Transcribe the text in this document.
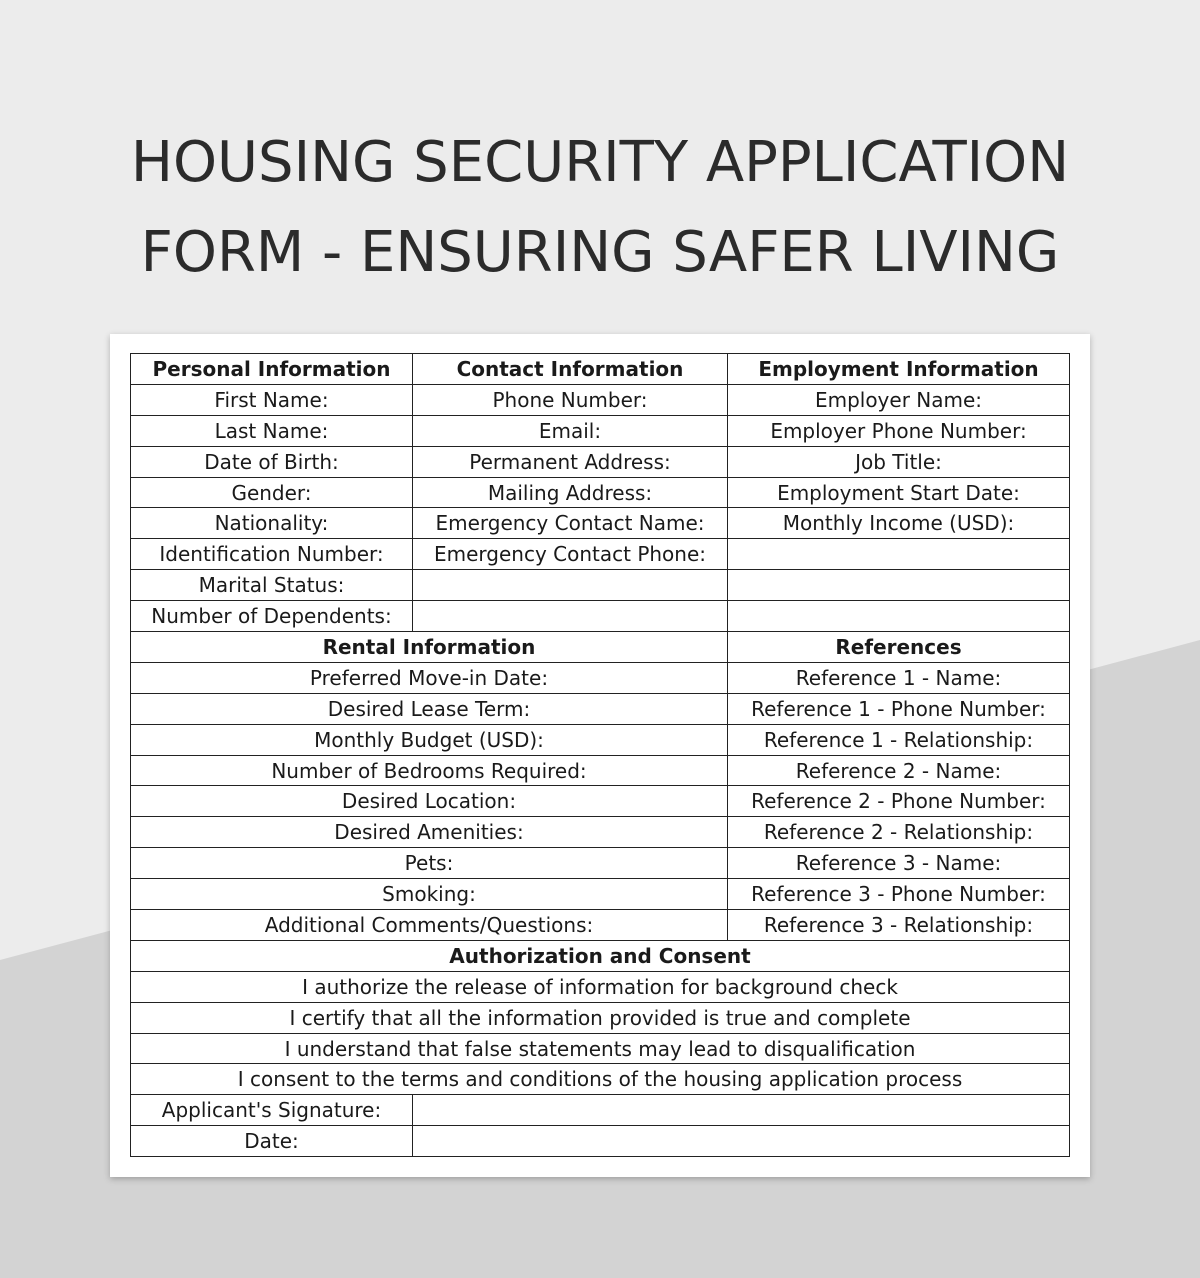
HOUSING SECURITY APPLICATION
FORM - ENSURING SAFER LIVING
Personal Information	Contact Information	Employment Information
First Name:	Phone Number:	Employer Name:
Last Name:	Email:	Employer Phone Number:
Date of Birth:	Permanent Address:	Job Title:
Gender:	Mailing Address:	Employment Start Date:
Nationality:	Emergency Contact Name:	Monthly Income (USD):
Identification Number:	Emergency Contact Phone:	
Marital Status:		
Number of Dependents:		
Rental Information		References
Preferred Move-in Date:		Reference 1 - Name:
Desired Lease Term:		Reference 1 - Phone Number:
Monthly Budget (USD):		Reference 1 - Relationship:
Number of Bedrooms Required:		Reference 2 - Name:
Desired Location:		Reference 2 - Phone Number:
Desired Amenities:		Reference 2 - Relationship:
Pets:		Reference 3 - Name:
Smoking:		Reference 3 - Phone Number:
Additional Comments/Questions:		Reference 3 - Relationship:
Authorization and Consent		
I authorize the release of information for background check		
I certify that all the information provided is true and complete		
I understand that false statements may lead to disqualification		
I consent to the terms and conditions of the housing application process		
Applicant's Signature:		
Date:		
